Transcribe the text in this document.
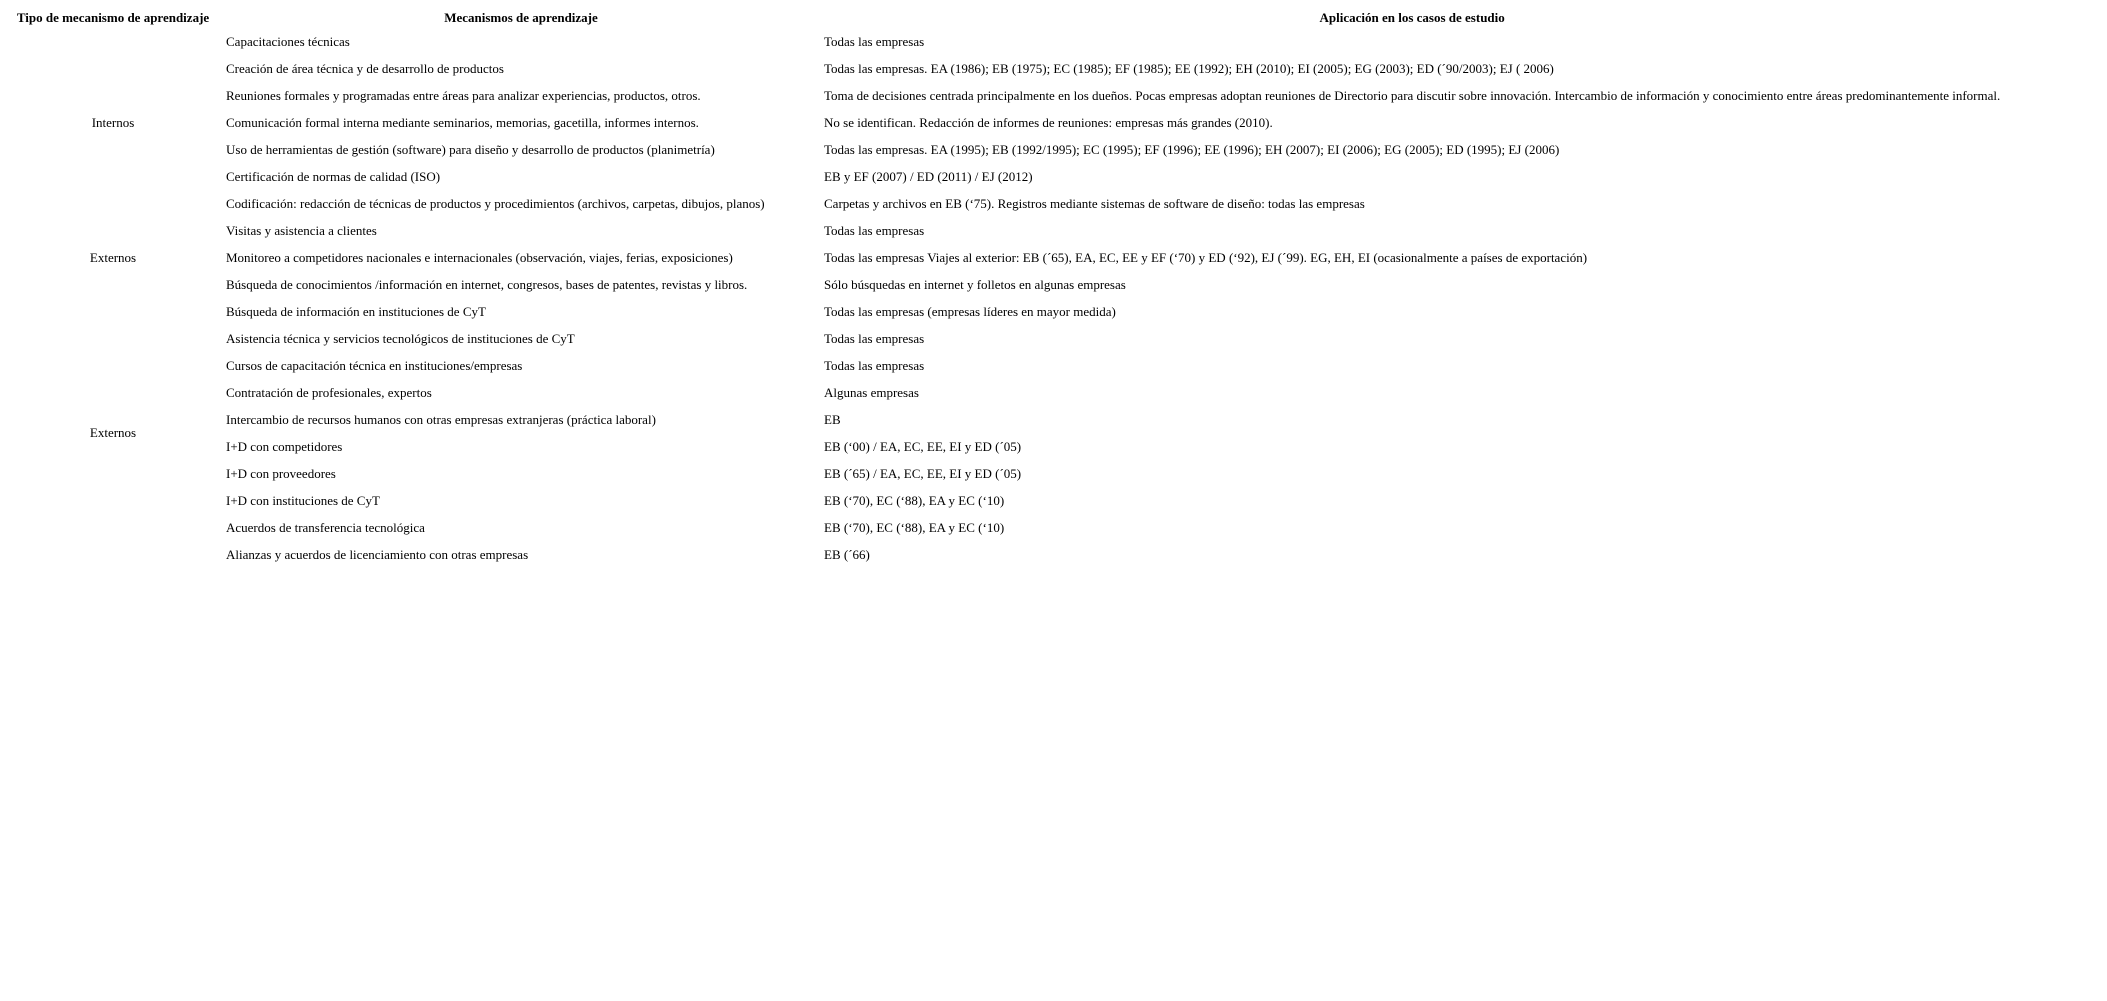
Tipo de mecanismo de aprendizaje	Mecanismos de aprendizaje	Aplicación en los casos de estudio
Internos	Capacitaciones técnicas	Todas las empresas
	Creación de área técnica y de desarrollo de productos	Todas las empresas. EA (1986); EB (1975); EC (1985); EF (1985); EE (1992); EH (2010); EI (2005); EG (2003); ED (´90/2003); EJ ( 2006)
	Reuniones formales y programadas entre áreas para analizar experiencias, productos, otros.	Toma de decisiones centrada principalmente en los dueños. Pocas empresas adoptan reuniones de Directorio para discutir sobre innovación. Intercambio de información y conocimiento entre áreas predominantemente informal.
	Comunicación formal interna mediante seminarios, memorias, gacetilla, informes internos.	No se identifican. Redacción de informes de reuniones: empresas más grandes (2010).
	Uso de herramientas de gestión (software) para diseño y desarrollo de productos (planimetría)	Todas las empresas. EA (1995); EB (1992/1995); EC (1995); EF (1996); EE (1996); EH (2007); EI (2006); EG (2005); ED (1995); EJ (2006)
	Certificación de normas de calidad (ISO)	EB y EF (2007) / ED (2011) / EJ (2012)
	Codificación: redacción de técnicas de productos y procedimientos (archivos, carpetas, dibujos, planos)	Carpetas y archivos en EB (‘75). Registros mediante sistemas de software de diseño: todas las empresas
Externos	Visitas y asistencia a clientes	Todas las empresas
	Monitoreo a competidores nacionales e internacionales (observación, viajes, ferias, exposiciones)	Todas las empresas Viajes al exterior: EB (´65), EA, EC, EE y EF (‘70) y ED (‘92), EJ (´99). EG, EH, EI (ocasionalmente a países de exportación)
	Búsqueda de conocimientos /información en internet, congresos, bases de patentes, revistas y libros.	Sólo búsquedas en internet y folletos en algunas empresas
Externos	Búsqueda de información en instituciones de CyT	Todas las empresas (empresas líderes en mayor medida)
	Asistencia técnica y servicios tecnológicos de instituciones de CyT	Todas las empresas
	Cursos de capacitación técnica en instituciones/empresas	Todas las empresas
	Contratación de profesionales, expertos	Algunas empresas
	Intercambio de recursos humanos con otras empresas extranjeras (práctica laboral)	EB
	I+D con competidores	EB (‘00) / EA, EC, EE, EI y ED (´05)
	I+D con proveedores	EB (´65) / EA, EC, EE, EI y ED (´05)
	I+D con instituciones de CyT	EB (‘70), EC (‘88), EA y EC (‘10)
	Acuerdos de transferencia tecnológica	EB (‘70), EC (‘88), EA y EC (‘10)
	Alianzas y acuerdos de licenciamiento con otras empresas	EB (´66)
